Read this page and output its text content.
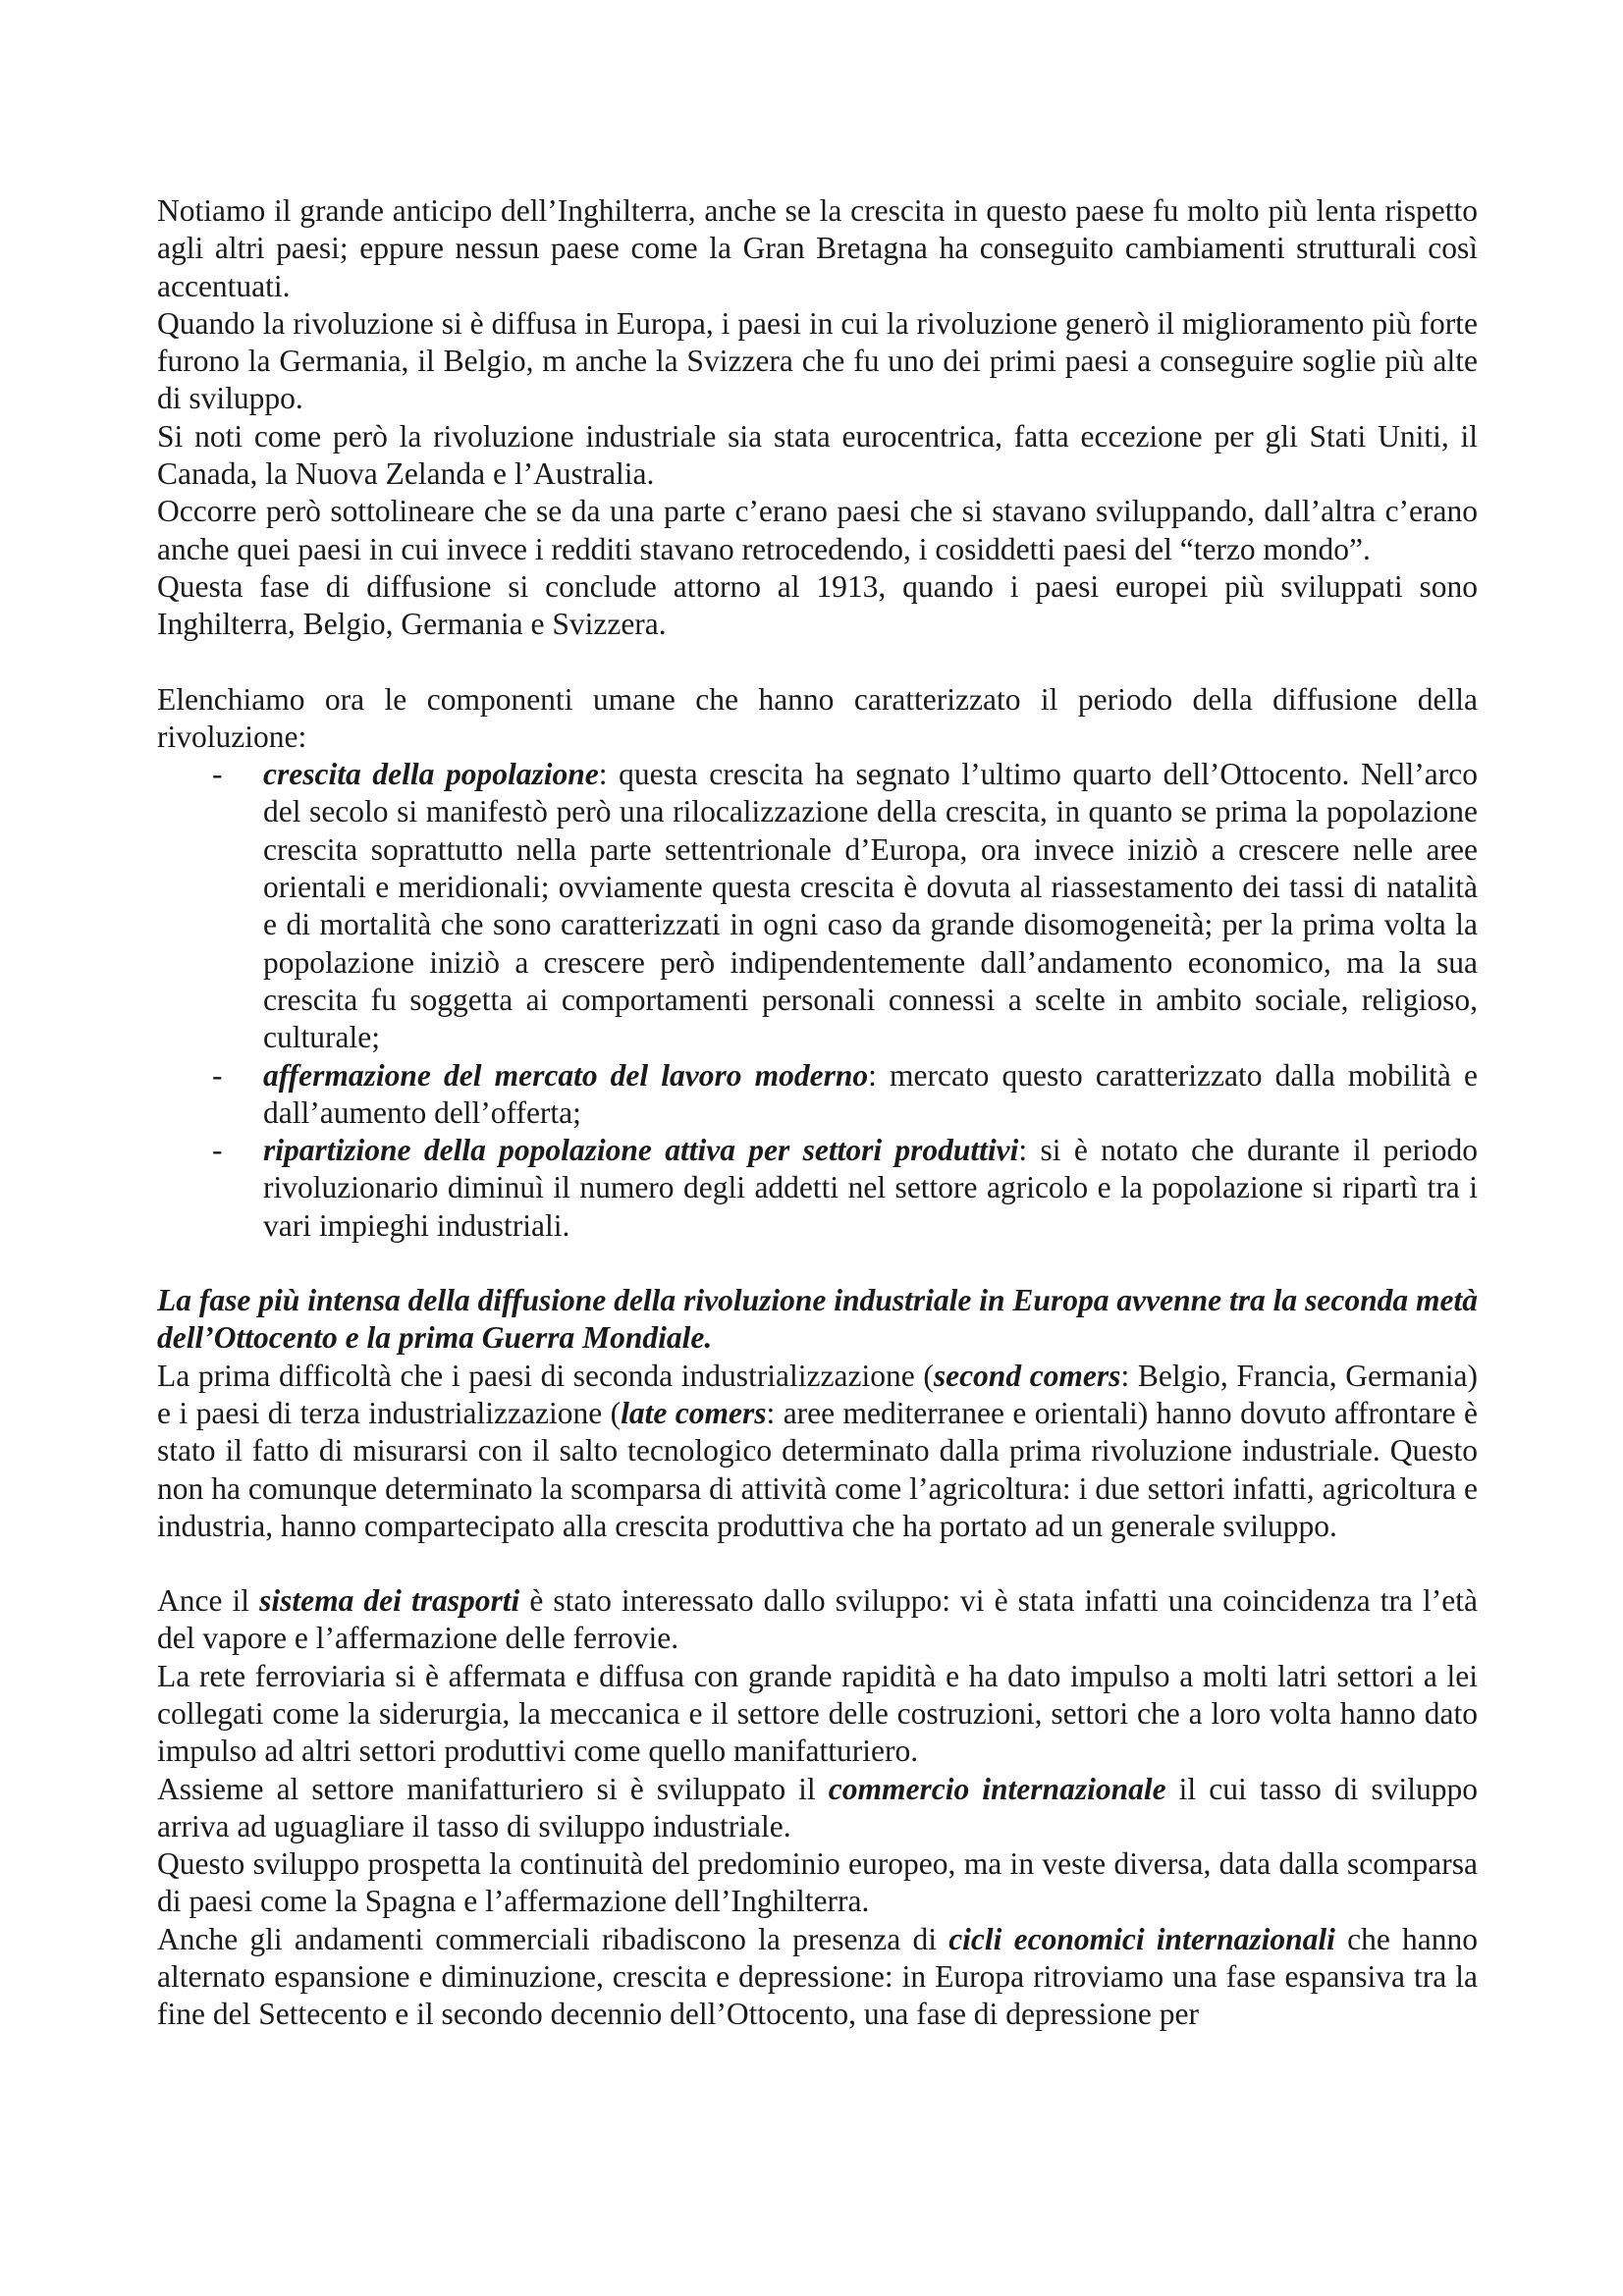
Notiamo il grande anticipo dell’Inghilterra, anche se la crescita in questo paese fu molto più lenta rispetto agli altri paesi; eppure nessun paese come la Gran Bretagna ha conseguito cambiamenti strutturali così accentuati.

Quando la rivoluzione si è diffusa in Europa, i paesi in cui la rivoluzione generò il miglioramento più forte furono la Germania, il Belgio, m anche la Svizzera che fu uno dei primi paesi a conseguire soglie più alte di sviluppo.

Si noti come però la rivoluzione industriale sia stata eurocentrica, fatta eccezione per gli Stati Uniti, il Canada, la Nuova Zelanda e l’Australia.

Occorre però sottolineare che se da una parte c’erano paesi che si stavano sviluppando, dall’altra c’erano anche quei paesi in cui invece i redditi stavano retrocedendo, i cosiddetti paesi del “terzo mondo”.

Questa fase di diffusione si conclude attorno al 1913, quando i paesi europei più sviluppati sono Inghilterra, Belgio, Germania e Svizzera.

Elenchiamo ora le componenti umane che hanno caratterizzato il periodo della diffusione della rivoluzione:

- crescita della popolazione: questa crescita ha segnato l’ultimo quarto dell’Ottocento. Nell’arco del secolo si manifestò però una rilocalizzazione della crescita, in quanto se prima la popolazione crescita soprattutto nella parte settentrionale d’Europa, ora invece iniziò a crescere nelle aree orientali e meridionali; ovviamente questa crescita è dovuta al riassestamento dei tassi di natalità e di mortalità che sono caratterizzati in ogni caso da grande disomogeneità; per la prima volta la popolazione iniziò a crescere però indipendentemente dall’andamento economico, ma la sua crescita fu soggetta ai comportamenti personali connessi a scelte in ambito sociale, religioso, culturale;
- affermazione del mercato del lavoro moderno: mercato questo caratterizzato dalla mobilità e dall’aumento dell’offerta;
- ripartizione della popolazione attiva per settori produttivi: si è notato che durante il periodo rivoluzionario diminuì il numero degli addetti nel settore agricolo e la popolazione si ripartì tra i vari impieghi industriali.

La fase più intensa della diffusione della rivoluzione industriale in Europa avvenne tra la seconda metà dell’Ottocento e la prima Guerra Mondiale.

La prima difficoltà che i paesi di seconda industrializzazione (second comers: Belgio, Francia, Germania) e i paesi di terza industrializzazione (late comers: aree mediterranee e orientali) hanno dovuto affrontare è stato il fatto di misurarsi con il salto tecnologico determinato dalla prima rivoluzione industriale. Questo non ha comunque determinato la scomparsa di attività come l’agricoltura: i due settori infatti, agricoltura e industria, hanno compartecipato alla crescita produttiva che ha portato ad un generale sviluppo.

Ance il sistema dei trasporti è stato interessato dallo sviluppo: vi è stata infatti una coincidenza tra l’età del vapore e l’affermazione delle ferrovie.

La rete ferroviaria si è affermata e diffusa con grande rapidità e ha dato impulso a molti latri settori a lei collegati come la siderurgia, la meccanica e il settore delle costruzioni, settori che a loro volta hanno dato impulso ad altri settori produttivi come quello manifatturiero.

Assieme al settore manifatturiero si è sviluppato il commercio internazionale il cui tasso di sviluppo arriva ad uguagliare il tasso di sviluppo industriale.

Questo sviluppo prospetta la continuità del predominio europeo, ma in veste diversa, data dalla scomparsa di paesi come la Spagna e l’affermazione dell’Inghilterra.

Anche gli andamenti commerciali ribadiscono la presenza di cicli economici internazionali che hanno alternato espansione e diminuzione, crescita e depressione: in Europa ritroviamo una fase espansiva tra la fine del Settecento e il secondo decennio dell’Ottocento, una fase di depressione per
